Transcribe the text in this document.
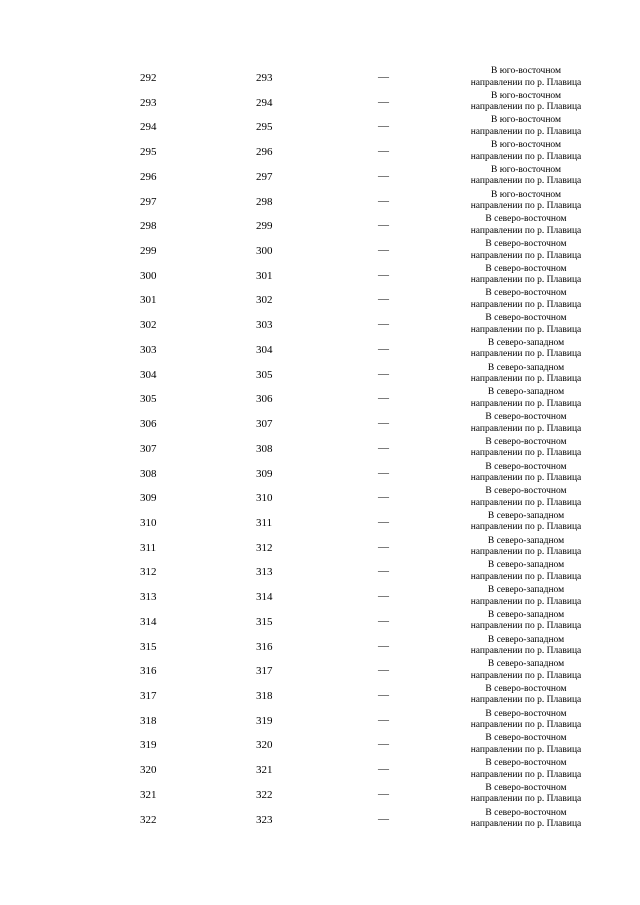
292	293	—	В юго-восточном
направлении по р. Плавица
293	294	—	В юго-восточном
направлении по р. Плавица
294	295	—	В юго-восточном
направлении по р. Плавица
295	296	—	В юго-восточном
направлении по р. Плавица
296	297	—	В юго-восточном
направлении по р. Плавица
297	298	—	В юго-восточном
направлении по р. Плавица
298	299	—	В северо-восточном
направлении по р. Плавица
299	300	—	В северо-восточном
направлении по р. Плавица
300	301	—	В северо-восточном
направлении по р. Плавица
301	302	—	В северо-восточном
направлении по р. Плавица
302	303	—	В северо-восточном
направлении по р. Плавица
303	304	—	В северо-западном
направлении по р. Плавица
304	305	—	В северо-западном
направлении по р. Плавица
305	306	—	В северо-западном
направлении по р. Плавица
306	307	—	В северо-восточном
направлении по р. Плавица
307	308	—	В северо-восточном
направлении по р. Плавица
308	309	—	В северо-восточном
направлении по р. Плавица
309	310	—	В северо-восточном
направлении по р. Плавица
310	311	—	В северо-западном
направлении по р. Плавица
311	312	—	В северо-западном
направлении по р. Плавица
312	313	—	В северо-западном
направлении по р. Плавица
313	314	—	В северо-западном
направлении по р. Плавица
314	315	—	В северо-западном
направлении по р. Плавица
315	316	—	В северо-западном
направлении по р. Плавица
316	317	—	В северо-западном
направлении по р. Плавица
317	318	—	В северо-восточном
направлении по р. Плавица
318	319	—	В северо-восточном
направлении по р. Плавица
319	320	—	В северо-восточном
направлении по р. Плавица
320	321	—	В северо-восточном
направлении по р. Плавица
321	322	—	В северо-восточном
направлении по р. Плавица
322	323	—	В северо-восточном
направлении по р. Плавица
